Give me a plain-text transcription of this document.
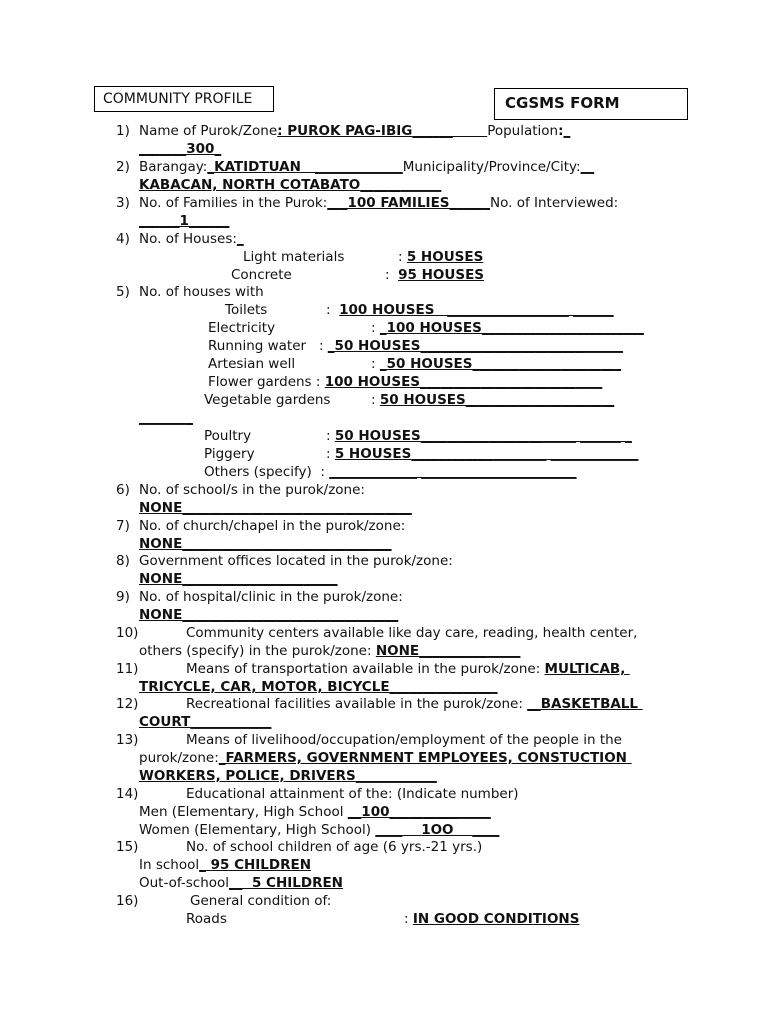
COMMUNITY PROFILE	CGSMS FORM
1) Name of Purok/Zone: PUROK PAG-IBIG______	Population:_
_______300_
2) Barangay:_KATIDTUAN   _____________Municipality/Province/City:__
KABACAN, NORTH COTABATO____________
3) No. of Families in the Purok:___100 FAMILIES______No. of Interviewed:
______1______
4) No. of Houses:_
Light materials	: 5 HOUSES
Concrete	:  95 HOUSES
5) No. of houses with
Toilets	:  100 HOUSES   __________________ ______
Electricity	: _100 HOUSES________________________
Running water   : _50 HOUSES______________________________
Artesian well	: _50 HOUSES______________________
Flower gardens : 100 HOUSES___________________________
Vegetable gardens	: 50 HOUSES______________________
________
Poultry	: 50 HOUSES_______________________ ______ _
Piggery	: 5 HOUSES____________________ _____________
Others (specify)  : _____________ _______________________
6) No. of school/s in the purok/zone:
NONE__________________________________
7) No. of church/chapel in the purok/zone:
NONE_______________________________
8) Government offices located in the purok/zone:
NONE_______________________
9) No. of hospital/clinic in the purok/zone:
NONE________________________________
10)	Community centers available like day care, reading, health center,
others (specify) in the purok/zone: NONE_______________
11)	Means of transportation available in the purok/zone: MULTICAB,
TRICYCLE, CAR, MOTOR, BICYCLE________________
12)	Recreational facilities available in the purok/zone: __BASKETBALL
COURT____________
13)	Means of livelihood/occupation/employment of the people in the
purok/zone:_FARMERS, GOVERNMENT EMPLOYEES, CONSTUCTION
WORKERS, POLICE, DRIVERS____________
14)	Educational attainment of the: (Indicate number)
Men (Elementary, High School __100_______________
Women (Elementary, High School) ____ 1OO ____
15)	No. of school children of age (6 yrs.-21 yrs.)
In school_ 95 CHILDREN
Out-of-school__  5 CHILDREN
16)	General condition of:
Roads	: IN GOOD CONDITIONS
